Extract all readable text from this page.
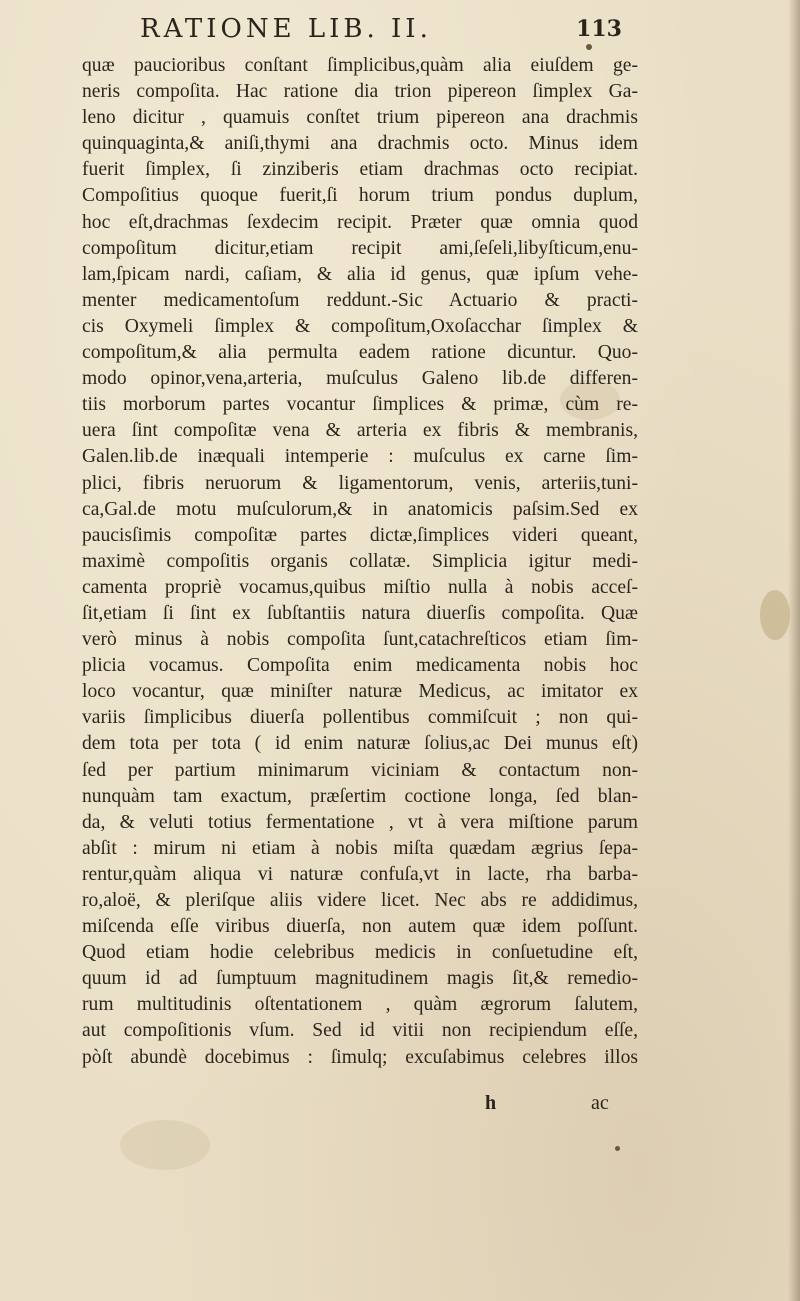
RATIONE LIB. II.	113
quæ paucioribus conſtant ſimplicibus,quàm alia eiuſdem ge-
neris compoſita. Hac ratione dia trion pipereon ſimplex Ga-
leno dicitur , quamuis conſtet trium pipereon ana drachmis
quinquaginta,& aniſi,thymi ana drachmis octo. Minus idem
fuerit ſimplex, ſi zinziberis etiam drachmas octo recipiat.
Compoſitius quoque fuerit,ſi horum trium pondus duplum,
hoc eſt,drachmas ſexdecim recipit. Præter quæ omnia quod
compoſitum dicitur,etiam recipit ami,ſeſeli,libyſticum,enu-
lam,ſpicam nardi, caſiam, & alia id genus, quæ ipſum vehe-
menter medicamentoſum reddunt.-Sic Actuario & practi-
cis Oxymeli ſimplex & compoſitum,Oxoſacchar ſimplex &
compoſitum,& alia permulta eadem ratione dicuntur. Quo-
modo opinor,vena,arteria, muſculus Galeno lib.de differen-
tiis morborum partes vocantur ſimplices & primæ, cùm re-
uera ſint compoſitæ vena & arteria ex fibris & membranis,
Galen.lib.de inæquali intemperie : muſculus ex carne ſim-
plici, fibris neruorum & ligamentorum, venis, arteriis,tuni-
ca,Gal.de motu muſculorum,& in anatomicis paſsim.Sed ex
paucisſimis compoſitæ partes dictæ,ſimplices videri queant,
maximè compoſitis organis collatæ. Simplicia igitur medi-
camenta propriè vocamus,quibus miſtio nulla à nobis acceſ-
ſit,etiam ſi ſint ex ſubſtantiis natura diuerſis compoſita. Quæ
verò minus à nobis compoſita ſunt,catachreſticos etiam ſim-
plicia vocamus. Compoſita enim medicamenta nobis hoc
loco vocantur, quæ miniſter naturæ Medicus, ac imitator ex
variis ſimplicibus diuerſa pollentibus commiſcuit ; non qui-
dem tota per tota ( id enim naturæ ſolius,ac Dei munus eſt)
ſed per partium minimarum viciniam & contactum non-
nunquàm tam exactum, præſertim coctione longa, ſed blan-
da, & veluti totius fermentatione , vt à vera miſtione parum
abſit : mirum ni etiam à nobis miſta quædam ægrius ſepa-
rentur,quàm aliqua vi naturæ confuſa,vt in lacte, rha barba-
ro,aloë, & pleriſque aliis videre licet. Nec abs re addidimus,
miſcenda eſſe viribus diuerſa, non autem quæ idem poſſunt.
Quod etiam hodie celebribus medicis in conſuetudine eſt,
quum id ad ſumptuum magnitudinem magis ſit,& remedio-
rum multitudinis oſtentationem , quàm ægrorum ſalutem,
aut compoſitionis vſum. Sed id vitii non recipiendum eſſe,
pòſt abundè docebimus : ſimulq; excuſabimus celebres illos
h	ac
